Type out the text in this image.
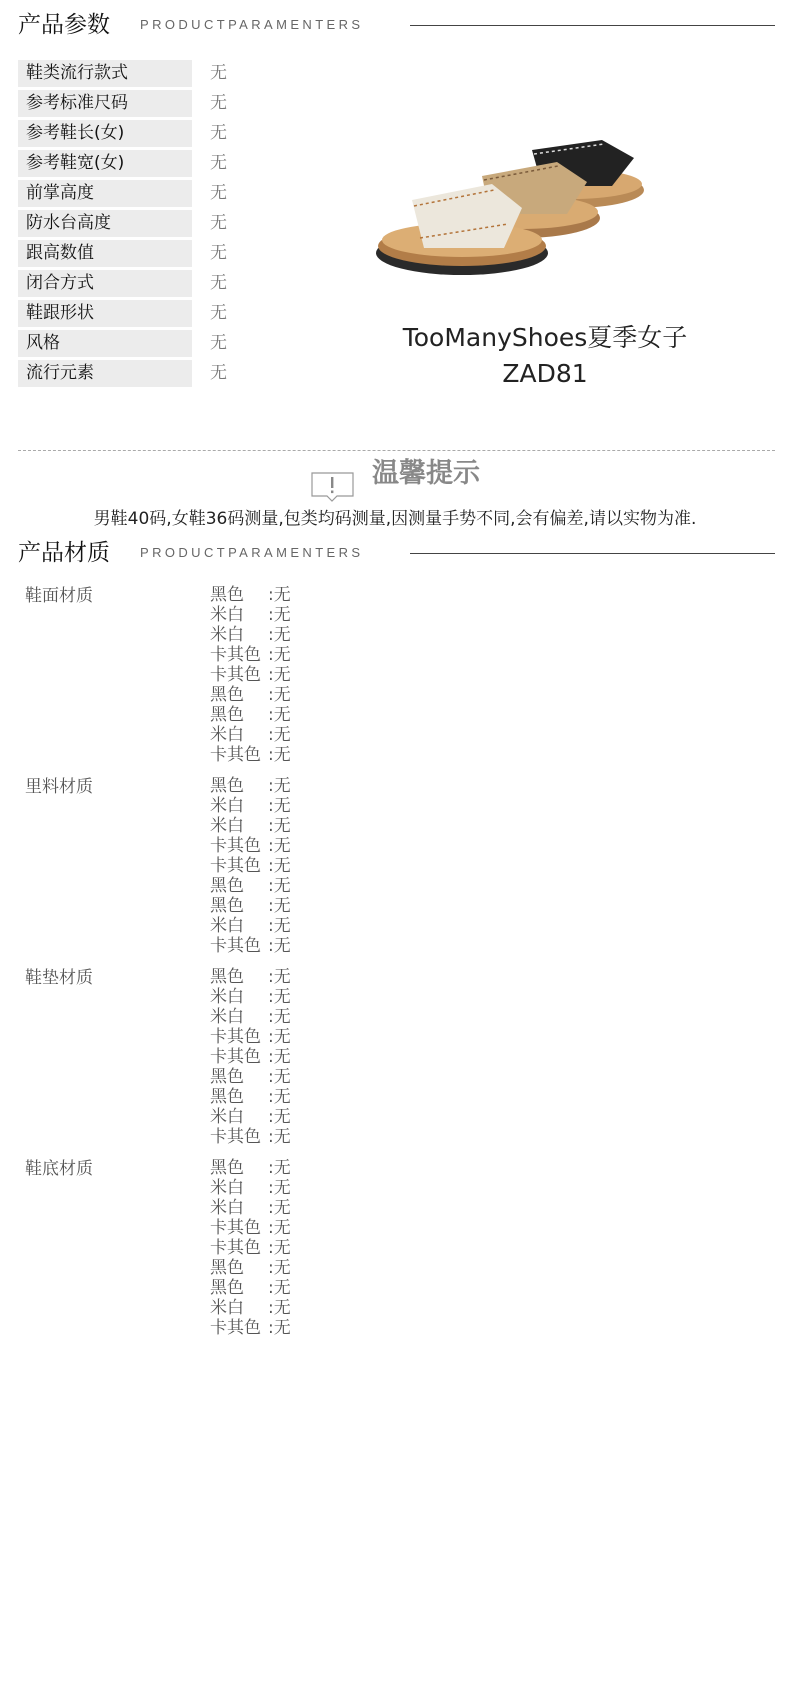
产品参数 PRODUCTPARAMENTERS
鞋类流行款式	无
参考标准尺码	无
参考鞋长(女)	无
参考鞋宽(女)	无
前掌高度	无
防水台高度	无
跟高数值	无
闭合方式	无
鞋跟形状	无
风格	无
流行元素	无
TooManyShoes夏季女子
ZAD81
温馨提示
男鞋40码,女鞋36码测量,包类均码测量,因测量手势不同,会有偏差,请以实物为准.
产品材质 PRODUCTPARAMENTERS
鞋面材质	黑色 :无
米白 :无
米白 :无
卡其色 :无
卡其色 :无
黑色 :无
黑色 :无
米白 :无
卡其色 :无
里料材质	黑色 :无
米白 :无
米白 :无
卡其色 :无
卡其色 :无
黑色 :无
黑色 :无
米白 :无
卡其色 :无
鞋垫材质	黑色 :无
米白 :无
米白 :无
卡其色 :无
卡其色 :无
黑色 :无
黑色 :无
米白 :无
卡其色 :无
鞋底材质	黑色 :无
米白 :无
米白 :无
卡其色 :无
卡其色 :无
黑色 :无
黑色 :无
米白 :无
卡其色 :无
